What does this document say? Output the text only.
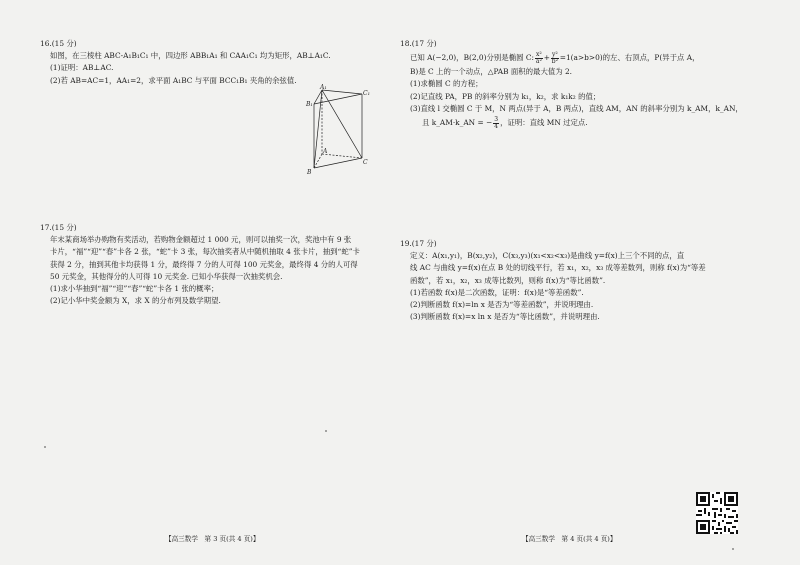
16.(15 分)

如图，在三棱柱 ABC-A₁B₁C₁ 中，四边形 ABB₁A₁ 和 CAA₁C₁ 均为矩形，AB⊥A₁C.

(1)证明：AB⊥AC.

(2)若 AB=AC=1，AA₁=2，求平面 A₁BC 与平面 BCC₁B₁ 夹角的余弦值.

A₁
B₁
C₁
A
B
C

17.(15 分)

年末某商场举办购物有奖活动，若购物金额超过 1 000 元，则可以抽奖一次，奖池中有 9 张

卡片，“福”“迎”“春”卡各 2 张，“蛇”卡 3 张，每次抽奖者从中随机抽取 4 张卡片，抽到“蛇”卡

获得 2 分，抽到其他卡均获得 1 分，最终得 7 分的人可得 100 元奖金，最终得 4 分的人可得

50 元奖金，其他得分的人可得 10 元奖金. 已知小华获得一次抽奖机会.

(1)求小华抽到“福”“迎”“春”“蛇”卡各 1 张的概率；

(2)记小华中奖金额为 X，求 X 的分布列及数学期望.

【高三数学　第 3 页(共 4 页)】

18.(17 分)

已知 A(−2,0)，B(2,0)分别是椭圆 C: $\frac{\text{x²}}{\text{a²}} + \frac{\text{y²}}{\text{b²}} =1(a>b>0)$的左、右顶点，P(异于点 A，

B)是 C 上的一个动点，△PAB 面积的最大值为 2.

(1)求椭圆 C 的方程；

(2)记直线 PA，PB 的斜率分别为 k₁，k₂，求 k₁k₂ 的值；

(3)直线 l 交椭圆 C 于 M，N 两点(异于 A，B 两点)，直线 AM，AN 的斜率分别为 k_AM，k_AN，

且 k_AM·k_AN = − $\frac{3}{4}$ ，证明：直线 MN 过定点.

19.(17 分)

定义：A(x₁,y₁)，B(x₂,y₂)，C(x₃,y₃)(x₁<x₂<x₃)是曲线 y=f(x)上三个不同的点，直

线 AC 与曲线 y=f(x)在点 B 处的切线平行，若 x₁，x₂，x₃ 成等差数列，则称 f(x)为“等差

函数”，若 x₁，x₂，x₃ 成等比数列，则称 f(x)为“等比函数”.

(1)若函数 f(x)是二次函数，证明：f(x)是“等差函数”.

(2)判断函数 f(x)=ln x 是否为“等差函数”，并说明理由.

(3)判断函数 f(x)=x ln x 是否为“等比函数”，并说明理由.

【高三数学　第 4 页(共 4 页)】
